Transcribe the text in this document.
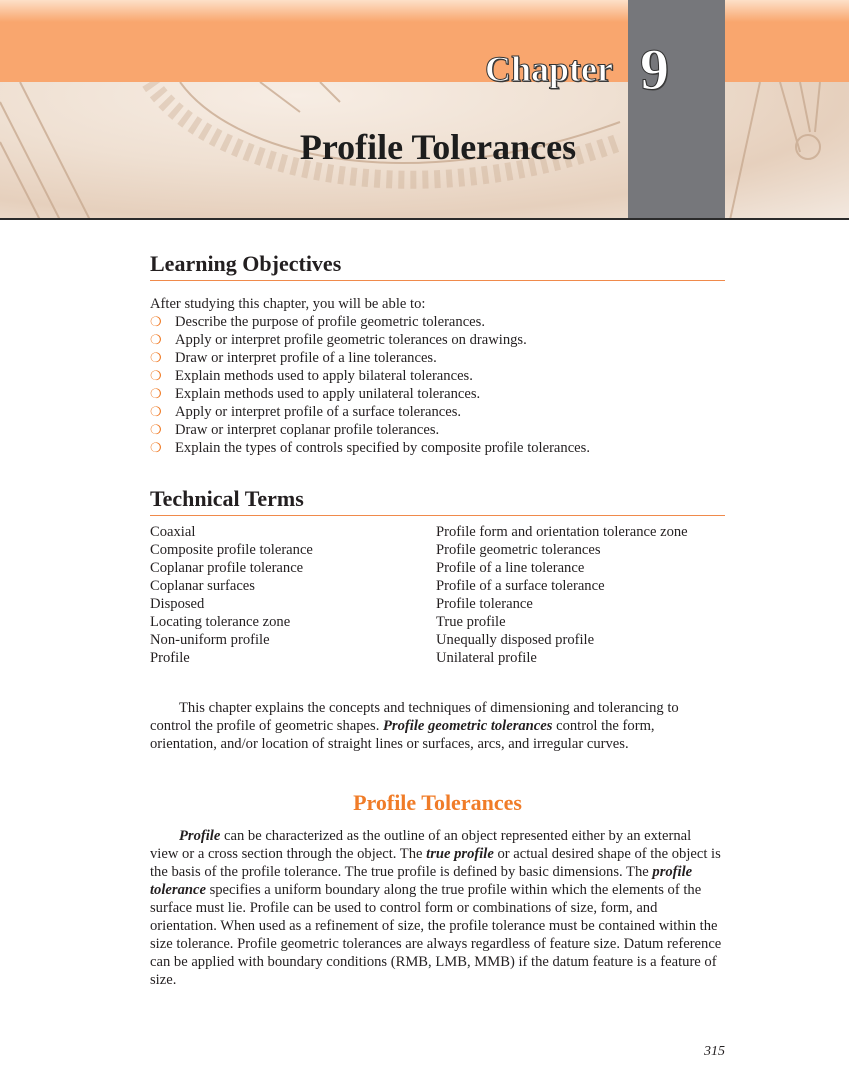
Chapter 9
Profile Tolerances
Learning Objectives
After studying this chapter, you will be able to:
❍ Describe the purpose of profile geometric tolerances.
❍ Apply or interpret profile geometric tolerances on drawings.
❍ Draw or interpret profile of a line tolerances.
❍ Explain methods used to apply bilateral tolerances.
❍ Explain methods used to apply unilateral tolerances.
❍ Apply or interpret profile of a surface tolerances.
❍ Draw or interpret coplanar profile tolerances.
❍ Explain the types of controls specified by composite profile tolerances.
Technical Terms
Coaxial
Composite profile tolerance
Coplanar profile tolerance
Coplanar surfaces
Disposed
Locating tolerance zone
Non-uniform profile
Profile
Profile form and orientation tolerance zone
Profile geometric tolerances
Profile of a line tolerance
Profile of a surface tolerance
Profile tolerance
True profile
Unequally disposed profile
Unilateral profile
This chapter explains the concepts and techniques of dimensioning and tolerancing to control the profile of geometric shapes. Profile geometric tolerances control the form, orientation, and/or location of straight lines or surfaces, arcs, and irregular curves.
Profile Tolerances
Profile can be characterized as the outline of an object represented either by an external view or a cross section through the object. The true profile or actual desired shape of the object is the basis of the profile tolerance. The true profile is defined by basic dimensions. The profile tolerance specifies a uniform boundary along the true profile within which the elements of the surface must lie. Profile can be used to control form or combinations of size, form, and orientation. When used as a refinement of size, the profile tolerance must be contained within the size tolerance. Profile geometric tolerances are always regardless of feature size. Datum reference can be applied with boundary conditions (RMB, LMB, MMB) if the datum feature is a feature of size.
315
